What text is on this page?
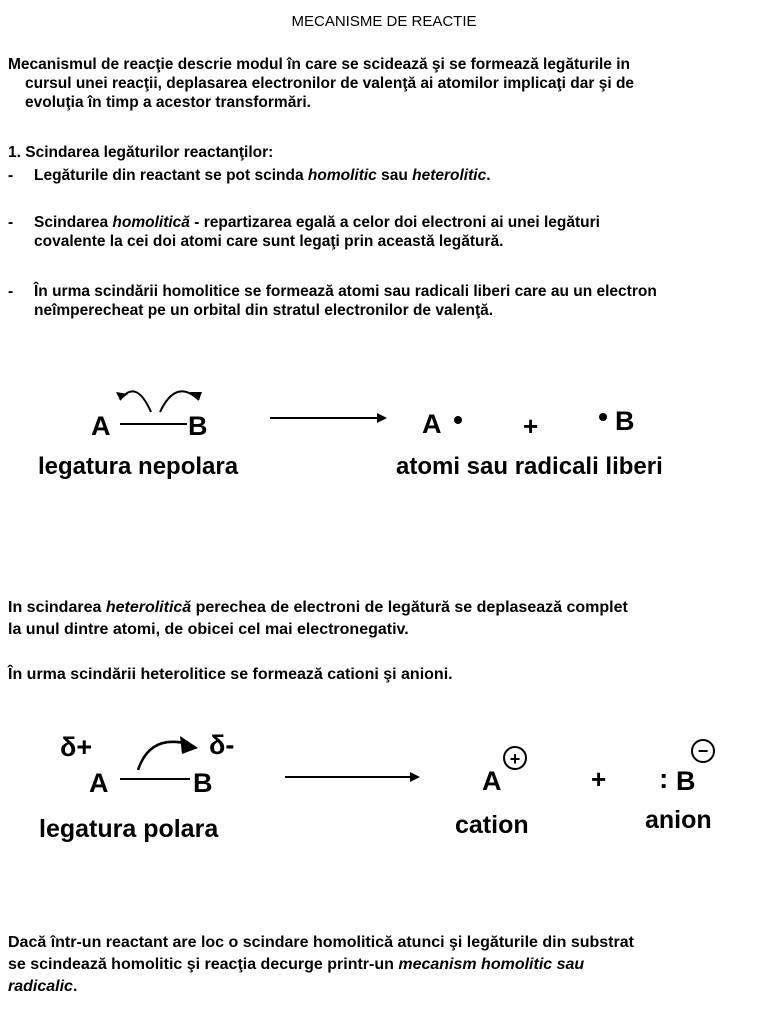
MECANISME DE REACTIE
Mecanismul de reacţie descrie modul în care se scidează şi se formează legăturile in
cursul unei reacţii, deplasarea electronilor de valenţă ai atomilor implicaţi dar şi de
evoluţia în timp a acestor transformări.
1. Scindarea legăturilor reactanţilor:
- Legăturile din reactant se pot scinda homolitic sau heterolitic.
- Scindarea homolitică - repartizarea egală a celor doi electroni ai unei legături
covalente la cei doi atomi care sunt legaţi prin această legătură.
- În urma scindării homolitice se formează atomi sau radicali liberi care au un electron
neîmperecheat pe un orbital din stratul electronilor de valenţă.
A	B	A	+	B
legatura nepolara	atomi sau radicali liberi
In scindarea heterolitică perechea de electroni de legătură se deplasează complet
la unul dintre atomi, de obicei cel mai electronegativ.
În urma scindării heterolitice se formează cationi şi anioni.
δ+	δ-
A	B	A
+
+ : B
−
legatura polara	cation	anion
Dacă într-un reactant are loc o scindare homolitică atunci şi legăturile din substrat
se scindează homolitic şi reacţia decurge printr-un mecanism homolitic sau
radicalic.
